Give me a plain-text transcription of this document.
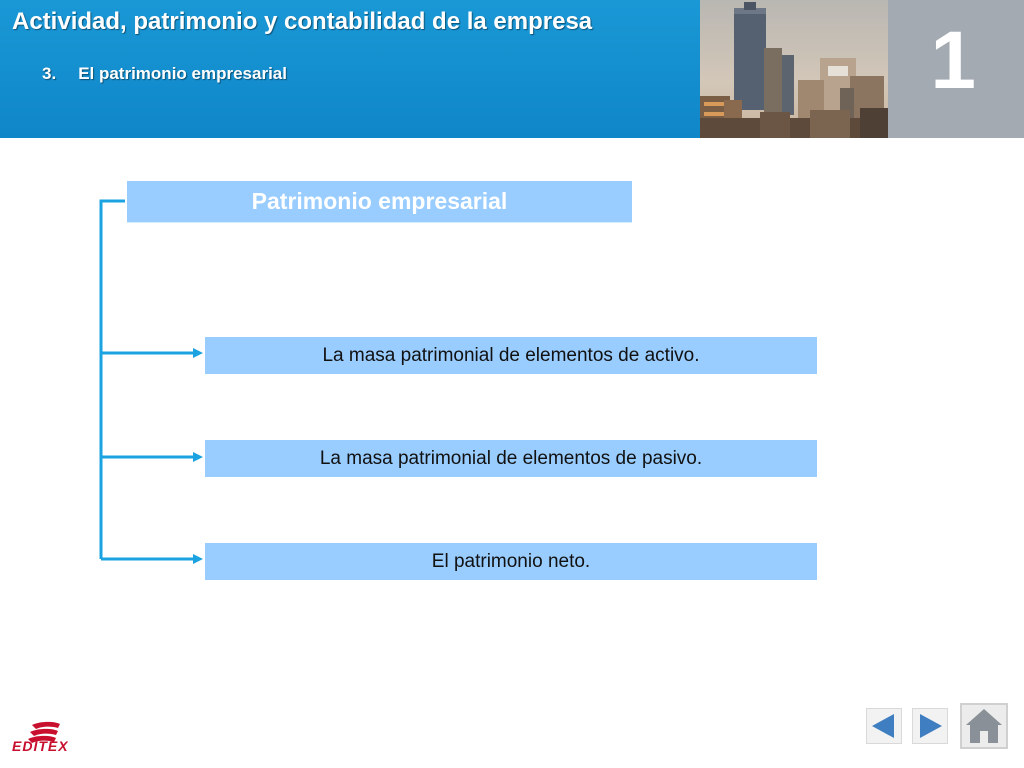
Actividad, patrimonio y contabilidad de la empresa
3. El patrimonio empresarial	1
Patrimonio empresarial
La masa patrimonial de elementos de activo.
La masa patrimonial de elementos de pasivo.
El patrimonio neto.
EDITEX
